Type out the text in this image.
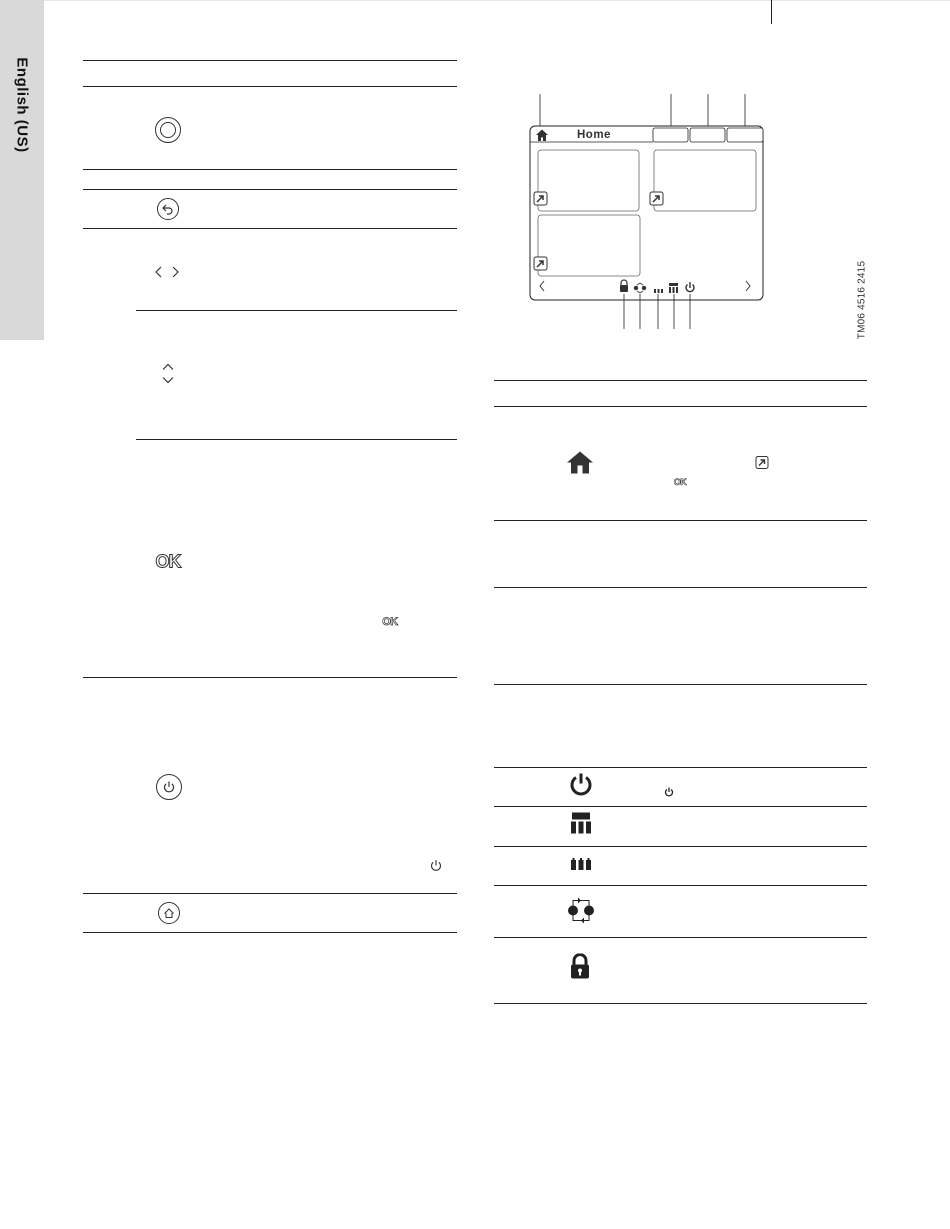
English (US)
OK
OK
Home
TM06 4516 2415
OK
